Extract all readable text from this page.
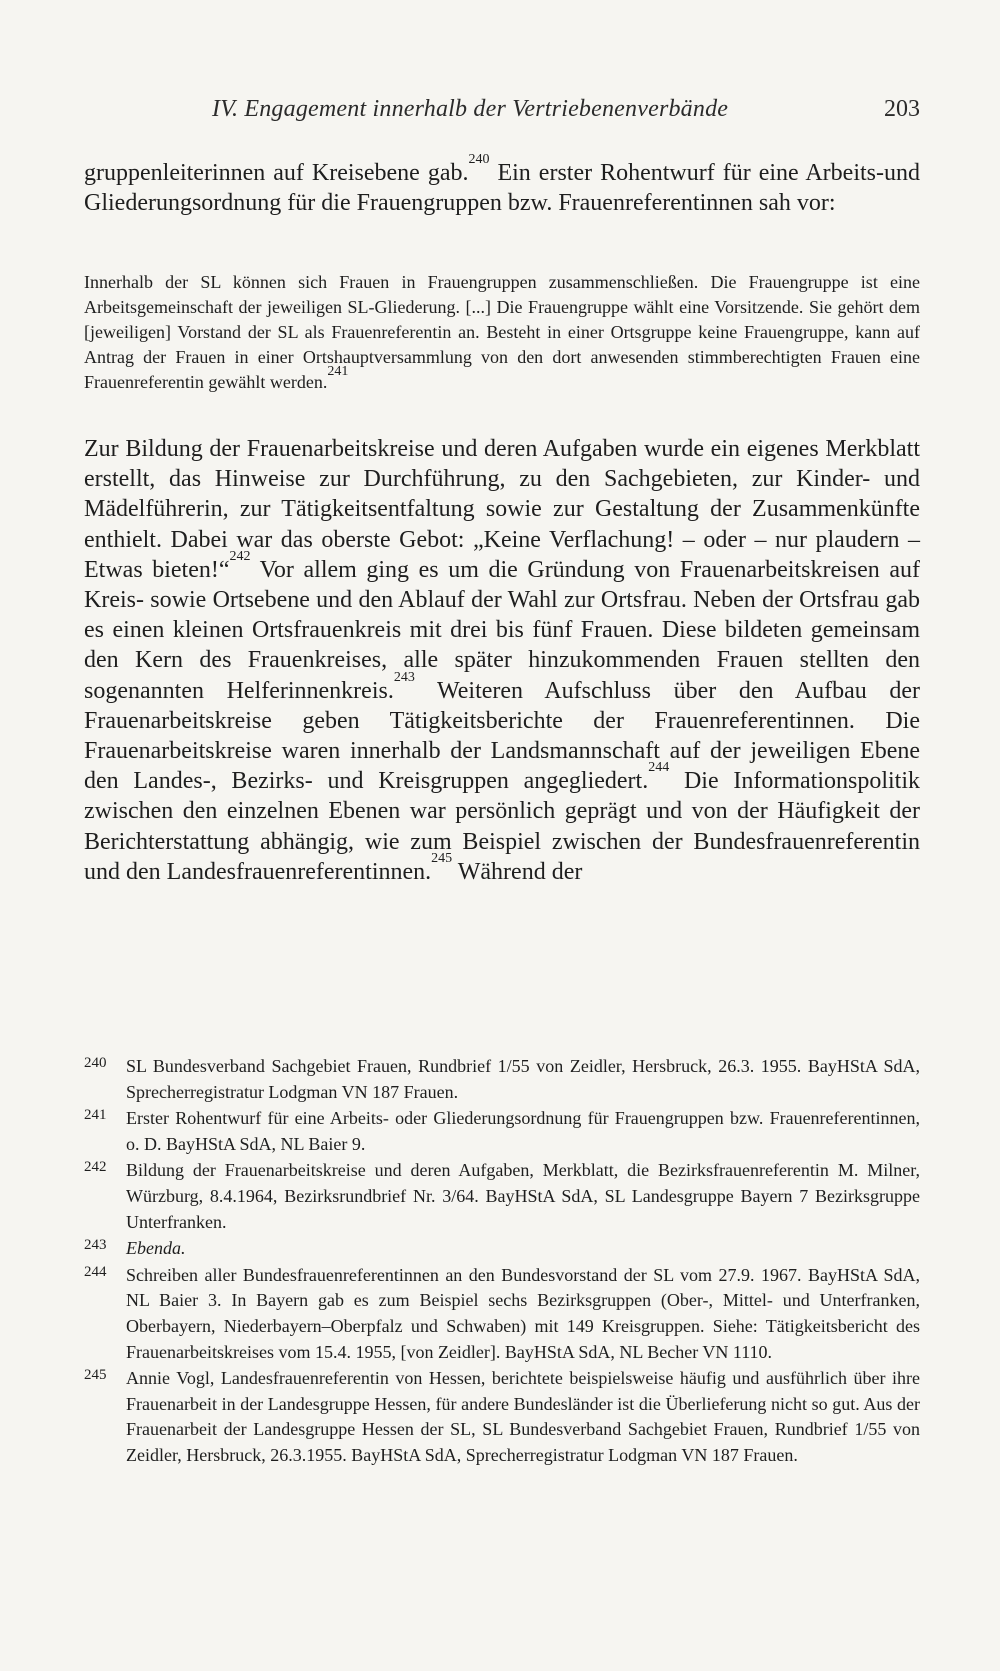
IV. Engagement innerhalb der Vertriebenenverbände	203

gruppenleiterinnen auf Kreisebene gab.$^{240}$ Ein erster Rohentwurf für eine Arbeits-und Gliederungsordnung für die Frauengruppen bzw. Frauenreferentinnen sah vor:

Innerhalb der SL können sich Frauen in Frauengruppen zusammenschließen. Die Frauengruppe ist eine Arbeitsgemeinschaft der jeweiligen SL-Gliederung. [...] Die Frauengruppe wählt eine Vorsitzende. Sie gehört dem [jeweiligen] Vorstand der SL als Frauenreferentin an. Besteht in einer Ortsgruppe keine Frauengruppe, kann auf Antrag der Frauen in einer Ortshauptversammlung von den dort anwesenden stimmberechtigten Frauen eine Frauenreferentin gewählt werden.$^{241}$

Zur Bildung der Frauenarbeitskreise und deren Aufgaben wurde ein eigenes Merkblatt erstellt, das Hinweise zur Durchführung, zu den Sachgebieten, zur Kinder- und Mädelführerin, zur Tätigkeitsentfaltung sowie zur Gestaltung der Zusammenkünfte enthielt. Dabei war das oberste Gebot: „Keine Verflachung! – oder – nur plaudern – Etwas bieten!“$^{242}$ Vor allem ging es um die Gründung von Frauenarbeitskreisen auf Kreis- sowie Ortsebene und den Ablauf der Wahl zur Ortsfrau. Neben der Ortsfrau gab es einen kleinen Ortsfrauenkreis mit drei bis fünf Frauen. Diese bildeten gemeinsam den Kern des Frauenkreises, alle später hinzukommenden Frauen stellten den sogenannten Helferinnenkreis.$^{243}$ Weiteren Aufschluss über den Aufbau der Frauenarbeitskreise geben Tätigkeitsberichte der Frauenreferentinnen. Die Frauenarbeitskreise waren innerhalb der Landsmannschaft auf der jeweiligen Ebene den Landes-, Bezirks- und Kreisgruppen angegliedert.$^{244}$ Die Informationspolitik zwischen den einzelnen Ebenen war persönlich geprägt und von der Häufigkeit der Berichterstattung abhängig, wie zum Beispiel zwischen der Bundesfrauenreferentin und den Landesfrauenreferentinnen.$^{245}$ Während der

240 SL Bundesverband Sachgebiet Frauen, Rundbrief 1/55 von Zeidler, Hersbruck, 26.3. 1955. BayHStA SdA, Sprecherregistratur Lodgman VN 187 Frauen.
241 Erster Rohentwurf für eine Arbeits- oder Gliederungsordnung für Frauengruppen bzw. Frauenreferentinnen, o. D. BayHStA SdA, NL Baier 9.
242 Bildung der Frauenarbeitskreise und deren Aufgaben, Merkblatt, die Bezirksfrauenreferentin M. Milner, Würzburg, 8.4.1964, Bezirksrundbrief Nr. 3/64. BayHStA SdA, SL Landesgruppe Bayern 7 Bezirksgruppe Unterfranken.
243 Ebenda.
244 Schreiben aller Bundesfrauenreferentinnen an den Bundesvorstand der SL vom 27.9. 1967. BayHStA SdA, NL Baier 3. In Bayern gab es zum Beispiel sechs Bezirksgruppen (Ober-, Mittel- und Unterfranken, Oberbayern, Niederbayern–Oberpfalz und Schwaben) mit 149 Kreisgruppen. Siehe: Tätigkeitsbericht des Frauenarbeitskreises vom 15.4. 1955, [von Zeidler]. BayHStA SdA, NL Becher VN 1110.
245 Annie Vogl, Landesfrauenreferentin von Hessen, berichtete beispielsweise häufig und ausführlich über ihre Frauenarbeit in der Landesgruppe Hessen, für andere Bundesländer ist die Überlieferung nicht so gut. Aus der Frauenarbeit der Landesgruppe Hessen der SL, SL Bundesverband Sachgebiet Frauen, Rundbrief 1/55 von Zeidler, Hersbruck, 26.3.1955. BayHStA SdA, Sprecherregistratur Lodgman VN 187 Frauen.
